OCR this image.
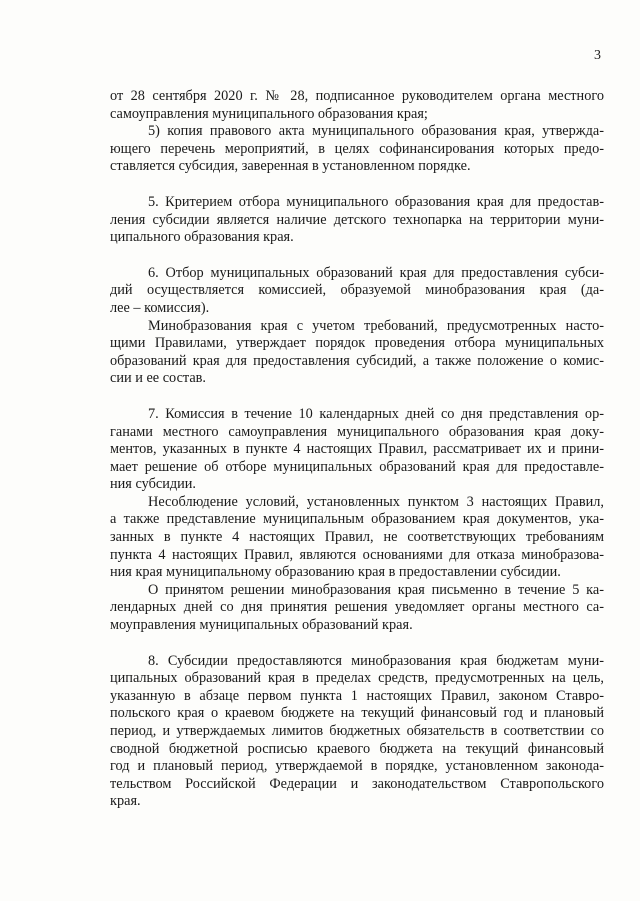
3

от 28 сентября 2020 г. № 28, подписанное руководителем органа местного
самоуправления муниципального образования края;

5) копия правового акта муниципального образования края, утвержда-
ющего перечень мероприятий, в целях софинансирования которых предо-
ставляется субсидия, заверенная в установленном порядке.

5. Критерием отбора муниципального образования края для предостав-
ления субсидии является наличие детского технопарка на территории муни-
ципального образования края.

6. Отбор муниципальных образований края для предоставления субси-
дий осуществляется комиссией, образуемой минобразования края (да-
лее – комиссия).

Минобразования края с учетом требований, предусмотренных насто-
щими Правилами, утверждает порядок проведения отбора муниципальных
образований края для предоставления субсидий, а также положение о комис-
сии и ее состав.

7. Комиссия в течение 10 календарных дней со дня представления ор-
ганами местного самоуправления муниципального образования края доку-
ментов, указанных в пункте 4 настоящих Правил, рассматривает их и прини-
мает решение об отборе муниципальных образований края для предоставле-
ния субсидии.

Несоблюдение условий, установленных пунктом 3 настоящих Правил,
а также представление муниципальным образованием края документов, ука-
занных в пункте 4 настоящих Правил, не соответствующих требованиям
пункта 4 настоящих Правил, являются основаниями для отказа минобразова-
ния края муниципальному образованию края в предоставлении субсидии.

О принятом решении минобразования края письменно в течение 5 ка-
лендарных дней со дня принятия решения уведомляет органы местного са-
моуправления муниципальных образований края.

8. Субсидии предоставляются минобразования края бюджетам муни-
ципальных образований края в пределах средств, предусмотренных на цель,
указанную в абзаце первом пункта 1 настоящих Правил, законом Ставро-
польского края о краевом бюджете на текущий финансовый год и плановый
период, и утверждаемых лимитов бюджетных обязательств в соответствии со
сводной бюджетной росписью краевого бюджета на текущий финансовый
год и плановый период, утверждаемой в порядке, установленном законода-
тельством Российской Федерации и законодательством Ставропольского
края.
